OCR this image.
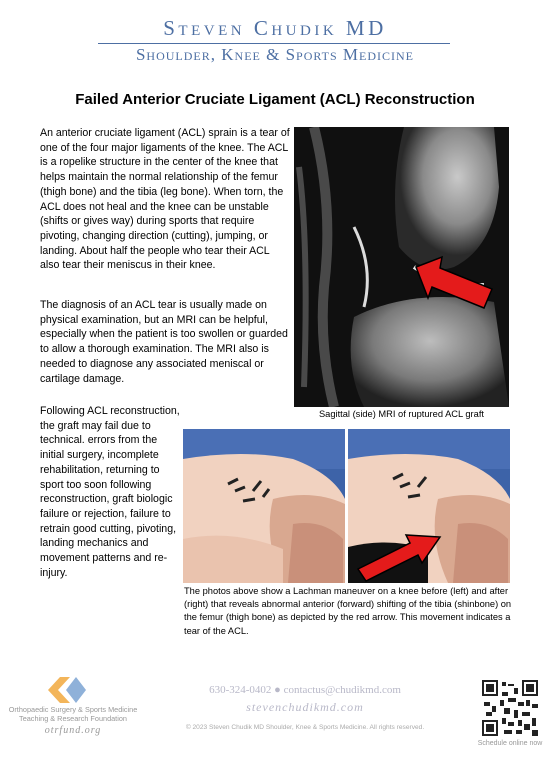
Steven Chudik MD
Shoulder, Knee & Sports Medicine
Failed Anterior Cruciate Ligament (ACL) Reconstruction

An anterior cruciate ligament (ACL) sprain is a tear of one of the four major ligaments of the knee. The ACL is a ropelike structure in the center of the knee that helps maintain the normal relationship of the femur (thigh bone) and the tibia (leg bone). When torn, the ACL does not heal and the knee can be unstable (shifts or gives way) during sports that require pivoting, changing direction (cutting), jumping, or landing. About half the people who tear their ACL also tear their meniscus in their knee.

The diagnosis of an ACL tear is usually made on physical examination, but an MRI can be helpful, especially when the patient is too swollen or guarded to allow a thorough examination. The MRI also is needed to diagnose any associated meniscal or cartilage damage.

Following ACL reconstruction, the graft may fail due to technical. errors from the initial surgery, incomplete rehabilitation, returning to sport too soon following reconstruction, graft biologic failure or rejection, failure to retrain good cutting, pivoting, landing mechanics and movement patterns and re-injury.

Sagittal (side) MRI of ruptured ACL graft

The photos above show a Lachman maneuver on a knee before (left) and after (right) that reveals abnormal anterior (forward) shifting of the tibia (shinbone) on the femur (thigh bone) as depicted by the red arrow. This movement indicates a tear of the ACL.

Orthopaedic Surgery & Sports Medicine
Teaching & Research Foundation
otrfund.org
630-324-0402 ● contactus@chudikmd.com
stevenchudikmd.com
© 2023 Steven Chudik MD Shoulder, Knee & Sports Medicine. All rights reserved.
Schedule online now
